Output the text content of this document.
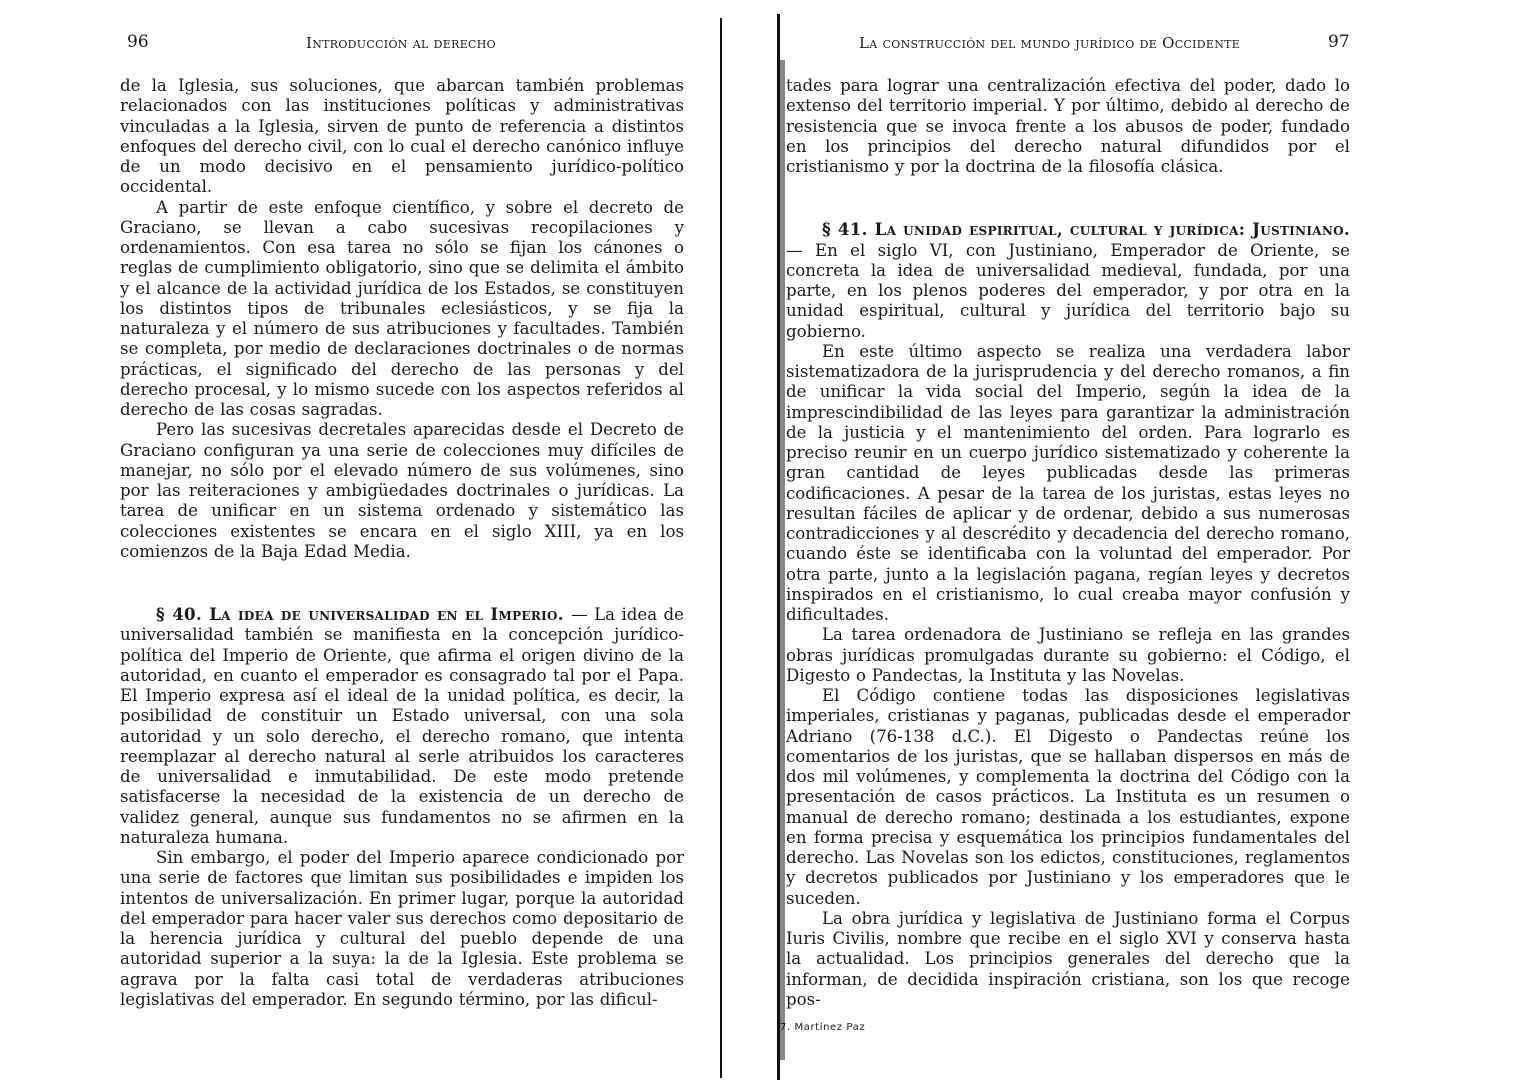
96	Introducción al derecho

de la Iglesia, sus soluciones, que abarcan también problemas relacionados con las instituciones políticas y administrativas vinculadas a la Iglesia, sirven de punto de referencia a distintos enfoques del derecho civil, con lo cual el derecho canónico influye de un modo decisivo en el pensamiento jurídico-político occidental.

A partir de este enfoque científico, y sobre el decreto de Graciano, se llevan a cabo sucesivas recopilaciones y ordenamientos. Con esa tarea no sólo se fijan los cánones o reglas de cumplimiento obligatorio, sino que se delimita el ámbito y el alcance de la actividad jurídica de los Estados, se constituyen los distintos tipos de tribunales eclesiásticos, y se fija la naturaleza y el número de sus atribuciones y facultades. También se completa, por medio de declaraciones doctrinales o de normas prácticas, el significado del derecho de las personas y del derecho procesal, y lo mismo sucede con los aspectos referidos al derecho de las cosas sagradas.

Pero las sucesivas decretales aparecidas desde el Decreto de Graciano configuran ya una serie de colecciones muy difíciles de manejar, no sólo por el elevado número de sus volúmenes, sino por las reiteraciones y ambigüedades doctrinales o jurídicas. La tarea de unificar en un sistema ordenado y sistemático las colecciones existentes se encara en el siglo XIII, ya en los comienzos de la Baja Edad Media.

§ 40. La idea de universalidad en el Imperio. — La idea de universalidad también se manifiesta en la concepción jurídico-política del Imperio de Oriente, que afirma el origen divino de la autoridad, en cuanto el emperador es consagrado tal por el Papa. El Imperio expresa así el ideal de la unidad política, es decir, la posibilidad de constituir un Estado universal, con una sola autoridad y un solo derecho, el derecho romano, que intenta reemplazar al derecho natural al serle atribuidos los caracteres de universalidad e inmutabilidad. De este modo pretende satisfacerse la necesidad de la existencia de un derecho de validez general, aunque sus fundamentos no se afirmen en la naturaleza humana.

Sin embargo, el poder del Imperio aparece condicionado por una serie de factores que limitan sus posibilidades e impiden los intentos de universalización. En primer lugar, porque la autoridad del emperador para hacer valer sus derechos como depositario de la herencia jurídica y cultural del pueblo depende de una autoridad superior a la suya: la de la Iglesia. Este problema se agrava por la falta casi total de verdaderas atribuciones legislativas del emperador. En segundo término, por las dificul-

La construcción del mundo jurídico de Occidente	97

tades para lograr una centralización efectiva del poder, dado lo extenso del territorio imperial. Y por último, debido al derecho de resistencia que se invoca frente a los abusos de poder, fundado en los principios del derecho natural difundidos por el cristianismo y por la doctrina de la filosofía clásica.

§ 41. La unidad espiritual, cultural y jurídica: Justiniano. — En el siglo VI, con Justiniano, Emperador de Oriente, se concreta la idea de universalidad medieval, fundada, por una parte, en los plenos poderes del emperador, y por otra en la unidad espiritual, cultural y jurídica del territorio bajo su gobierno.

En este último aspecto se realiza una verdadera labor sistematizadora de la jurisprudencia y del derecho romanos, a fin de unificar la vida social del Imperio, según la idea de la imprescindibilidad de las leyes para garantizar la administración de la justicia y el mantenimiento del orden. Para lograrlo es preciso reunir en un cuerpo jurídico sistematizado y coherente la gran cantidad de leyes publicadas desde las primeras codificaciones. A pesar de la tarea de los juristas, estas leyes no resultan fáciles de aplicar y de ordenar, debido a sus numerosas contradicciones y al descrédito y decadencia del derecho romano, cuando éste se identificaba con la voluntad del emperador. Por otra parte, junto a la legislación pagana, regían leyes y decretos inspirados en el cristianismo, lo cual creaba mayor confusión y dificultades.

La tarea ordenadora de Justiniano se refleja en las grandes obras jurídicas promulgadas durante su gobierno: el Código, el Digesto o Pandectas, la Instituta y las Novelas.

El Código contiene todas las disposiciones legislativas imperiales, cristianas y paganas, publicadas desde el emperador Adriano (76-138 d.C.). El Digesto o Pandectas reúne los comentarios de los juristas, que se hallaban dispersos en más de dos mil volúmenes, y complementa la doctrina del Código con la presentación de casos prácticos. La Instituta es un resumen o manual de derecho romano; destinada a los estudiantes, expone en forma precisa y esquemática los principios fundamentales del derecho. Las Novelas son los edictos, constituciones, reglamentos y decretos publicados por Justiniano y los emperadores que le suceden.

La obra jurídica y legislativa de Justiniano forma el Corpus Iuris Civilis, nombre que recibe en el siglo XVI y conserva hasta la actualidad. Los principios generales del derecho que la informan, de decidida inspiración cristiana, son los que recoge pos-

7. Martínez Paz
